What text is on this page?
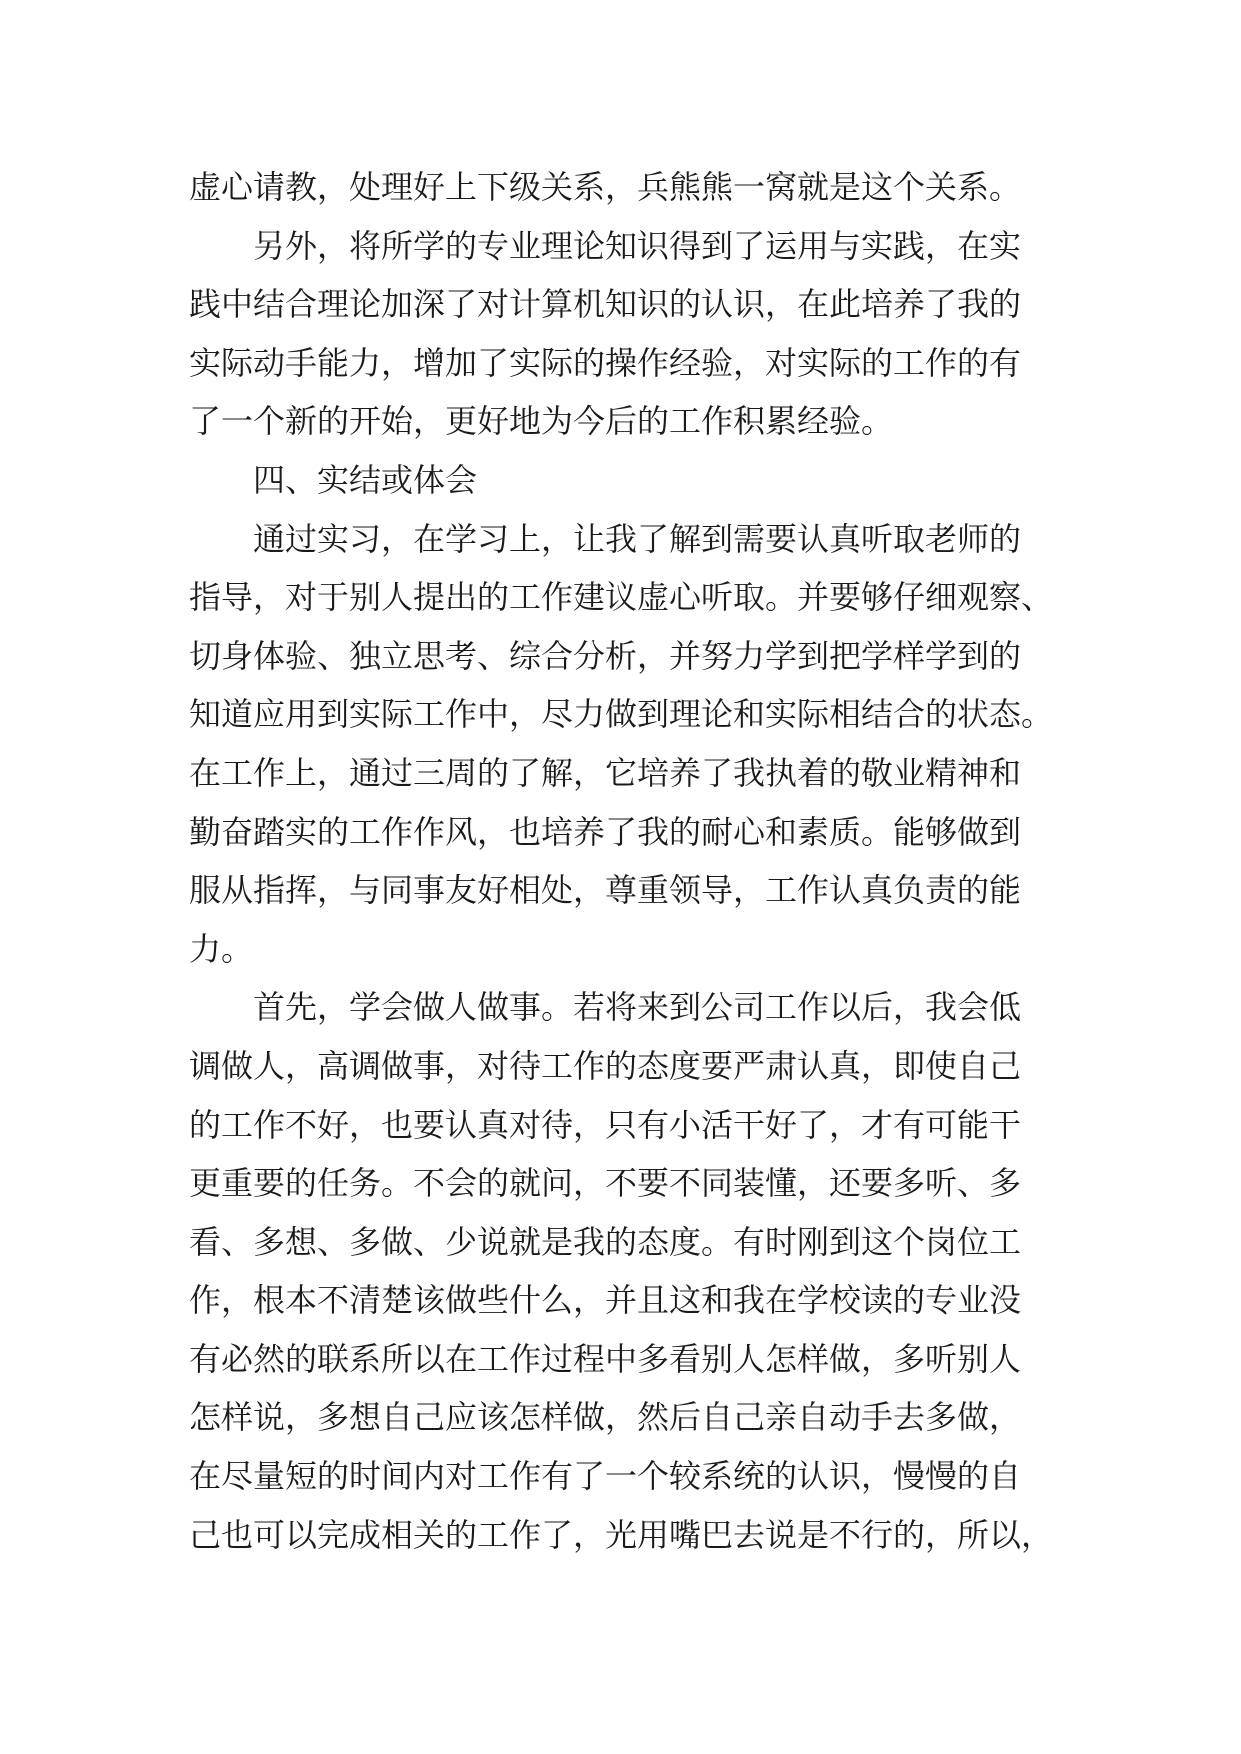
虚心请教，处理好上下级关系，兵熊熊一窝就是这个关系。
另外，将所学的专业理论知识得到了运用与实践，在实
践中结合理论加深了对计算机知识的认识，在此培养了我的
实际动手能力，增加了实际的操作经验，对实际的工作的有
了一个新的开始，更好地为今后的工作积累经验。
四、实结或体会
通过实习，在学习上，让我了解到需要认真听取老师的
指导，对于别人提出的工作建议虚心听取。并要够仔细观察、
切身体验、独立思考、综合分析，并努力学到把学样学到的
知道应用到实际工作中，尽力做到理论和实际相结合的状态。
在工作上，通过三周的了解，它培养了我执着的敬业精神和
勤奋踏实的工作作风，也培养了我的耐心和素质。能够做到
服从指挥，与同事友好相处，尊重领导，工作认真负责的能
力。
首先，学会做人做事。若将来到公司工作以后，我会低
调做人，高调做事，对待工作的态度要严肃认真，即使自己
的工作不好，也要认真对待，只有小活干好了，才有可能干
更重要的任务。不会的就问，不要不同装懂，还要多听、多
看、多想、多做、少说就是我的态度。有时刚到这个岗位工
作，根本不清楚该做些什么，并且这和我在学校读的专业没
有必然的联系所以在工作过程中多看别人怎样做，多听别人
怎样说，多想自己应该怎样做，然后自己亲自动手去多做，
在尽量短的时间内对工作有了一个较系统的认识，慢慢的自
己也可以完成相关的工作了，光用嘴巴去说是不行的，所以，
